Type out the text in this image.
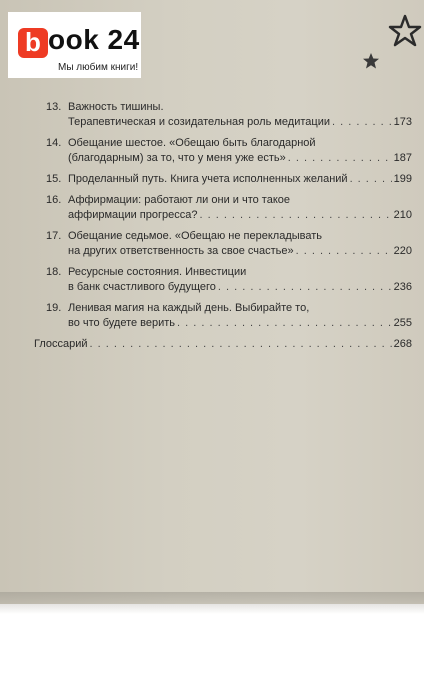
b ook 24
Мы любим книги!
13. Важность тишины.
Терапевтическая и созидательная роль медитации . . .	173
14. Обещание шестое. «Обещаю быть благодарной
(благодарным) за то, что у меня уже есть» . . .	187
15. Проделанный путь. Книга учета исполненных желаний . . .	199
16. Аффирмации: работают ли они и что такое
аффирмации прогресса? . . .	210
17. Обещание седьмое. «Обещаю не перекладывать
на других ответственность за свое счастье» . . .	220
18. Ресурсные состояния. Инвестиции
в банк счастливого будущего . . .	236
19. Ленивая магия на каждый день. Выбирайте то,
во что будете верить . . .	255
Глоссарий . . .	268
